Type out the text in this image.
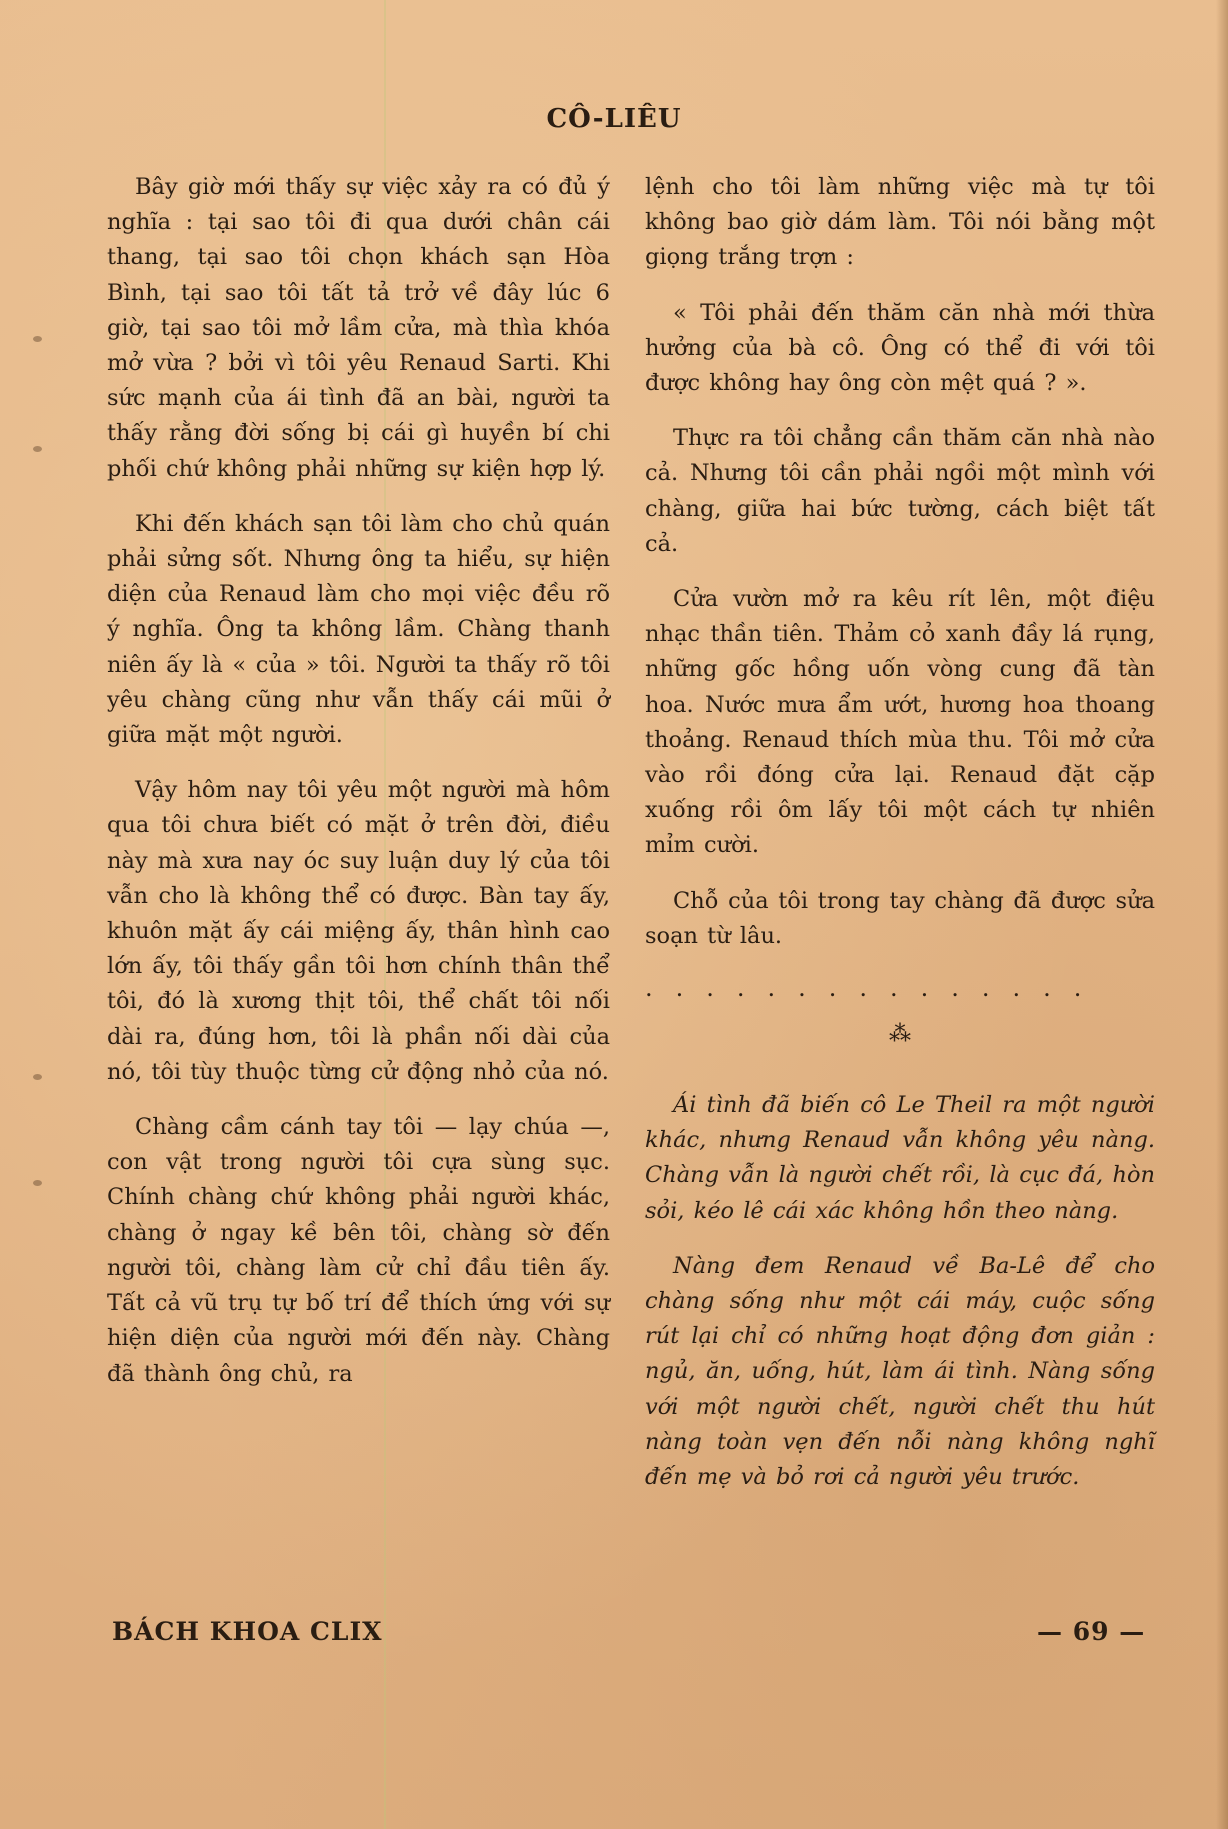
CÔ-LIÊU

Bây giờ mới thấy sự việc xảy ra có đủ ý nghĩa : tại sao tôi đi qua dưới chân cái thang, tại sao tôi chọn khách sạn Hòa Bình, tại sao tôi tất tả trở về đây lúc 6 giờ, tại sao tôi mở lầm cửa, mà thìa khóa mở vừa ? bởi vì tôi yêu Renaud Sarti. Khi sức mạnh của ái tình đã an bài, người ta thấy rằng đời sống bị cái gì huyền bí chi phối chứ không phải những sự kiện hợp lý.

Khi đến khách sạn tôi làm cho chủ quán phải sửng sốt. Nhưng ông ta hiểu, sự hiện diện của Renaud làm cho mọi việc đều rõ ý nghĩa. Ông ta không lầm. Chàng thanh niên ấy là « của » tôi. Người ta thấy rõ tôi yêu chàng cũng như vẫn thấy cái mũi ở giữa mặt một người.

Vậy hôm nay tôi yêu một người mà hôm qua tôi chưa biết có mặt ở trên đời, điều này mà xưa nay óc suy luận duy lý của tôi vẫn cho là không thể có được. Bàn tay ấy, khuôn mặt ấy cái miệng ấy, thân hình cao lớn ấy, tôi thấy gần tôi hơn chính thân thể tôi, đó là xương thịt tôi, thể chất tôi nối dài ra, đúng hơn, tôi là phần nối dài của nó, tôi tùy thuộc từng cử động nhỏ của nó.

Chàng cầm cánh tay tôi — lạy chúa —, con vật trong người tôi cựa sùng sục. Chính chàng chứ không phải người khác, chàng ở ngay kề bên tôi, chàng sờ đến người tôi, chàng làm cử chỉ đầu tiên ấy. Tất cả vũ trụ tự bố trí để thích ứng với sự hiện diện của người mới đến này. Chàng đã thành ông chủ, ra

lệnh cho tôi làm những việc mà tự tôi không bao giờ dám làm. Tôi nói bằng một giọng trắng trợn :

« Tôi phải đến thăm căn nhà mới thừa hưởng của bà cô. Ông có thể đi với tôi được không hay ông còn mệt quá ? ».

Thực ra tôi chẳng cần thăm căn nhà nào cả. Nhưng tôi cần phải ngồi một mình với chàng, giữa hai bức tường, cách biệt tất cả.

Cửa vườn mở ra kêu rít lên, một điệu nhạc thần tiên. Thảm cỏ xanh đầy lá rụng, những gốc hồng uốn vòng cung đã tàn hoa. Nước mưa ẩm ướt, hương hoa thoang thoảng. Renaud thích mùa thu. Tôi mở cửa vào rồi đóng cửa lại. Renaud đặt cặp xuống rồi ôm lấy tôi một cách tự nhiên mỉm cười.

Chỗ của tôi trong tay chàng đã được sửa soạn từ lâu.

...............
⁂

Ái tình đã biến cô Le Theil ra một người khác, nhưng Renaud vẫn không yêu nàng. Chàng vẫn là người chết rồi, là cục đá, hòn sỏi, kéo lê cái xác không hồn theo nàng.

Nàng đem Renaud về Ba-Lê để cho chàng sống như một cái máy, cuộc sống rút lại chỉ có những hoạt động đơn giản : ngủ, ăn, uống, hút, làm ái tình. Nàng sống với một người chết, người chết thu hút nàng toàn vẹn đến nỗi nàng không nghĩ đến mẹ và bỏ rơi cả người yêu trước.

BÁCH KHOA CLIX	— 69 —
